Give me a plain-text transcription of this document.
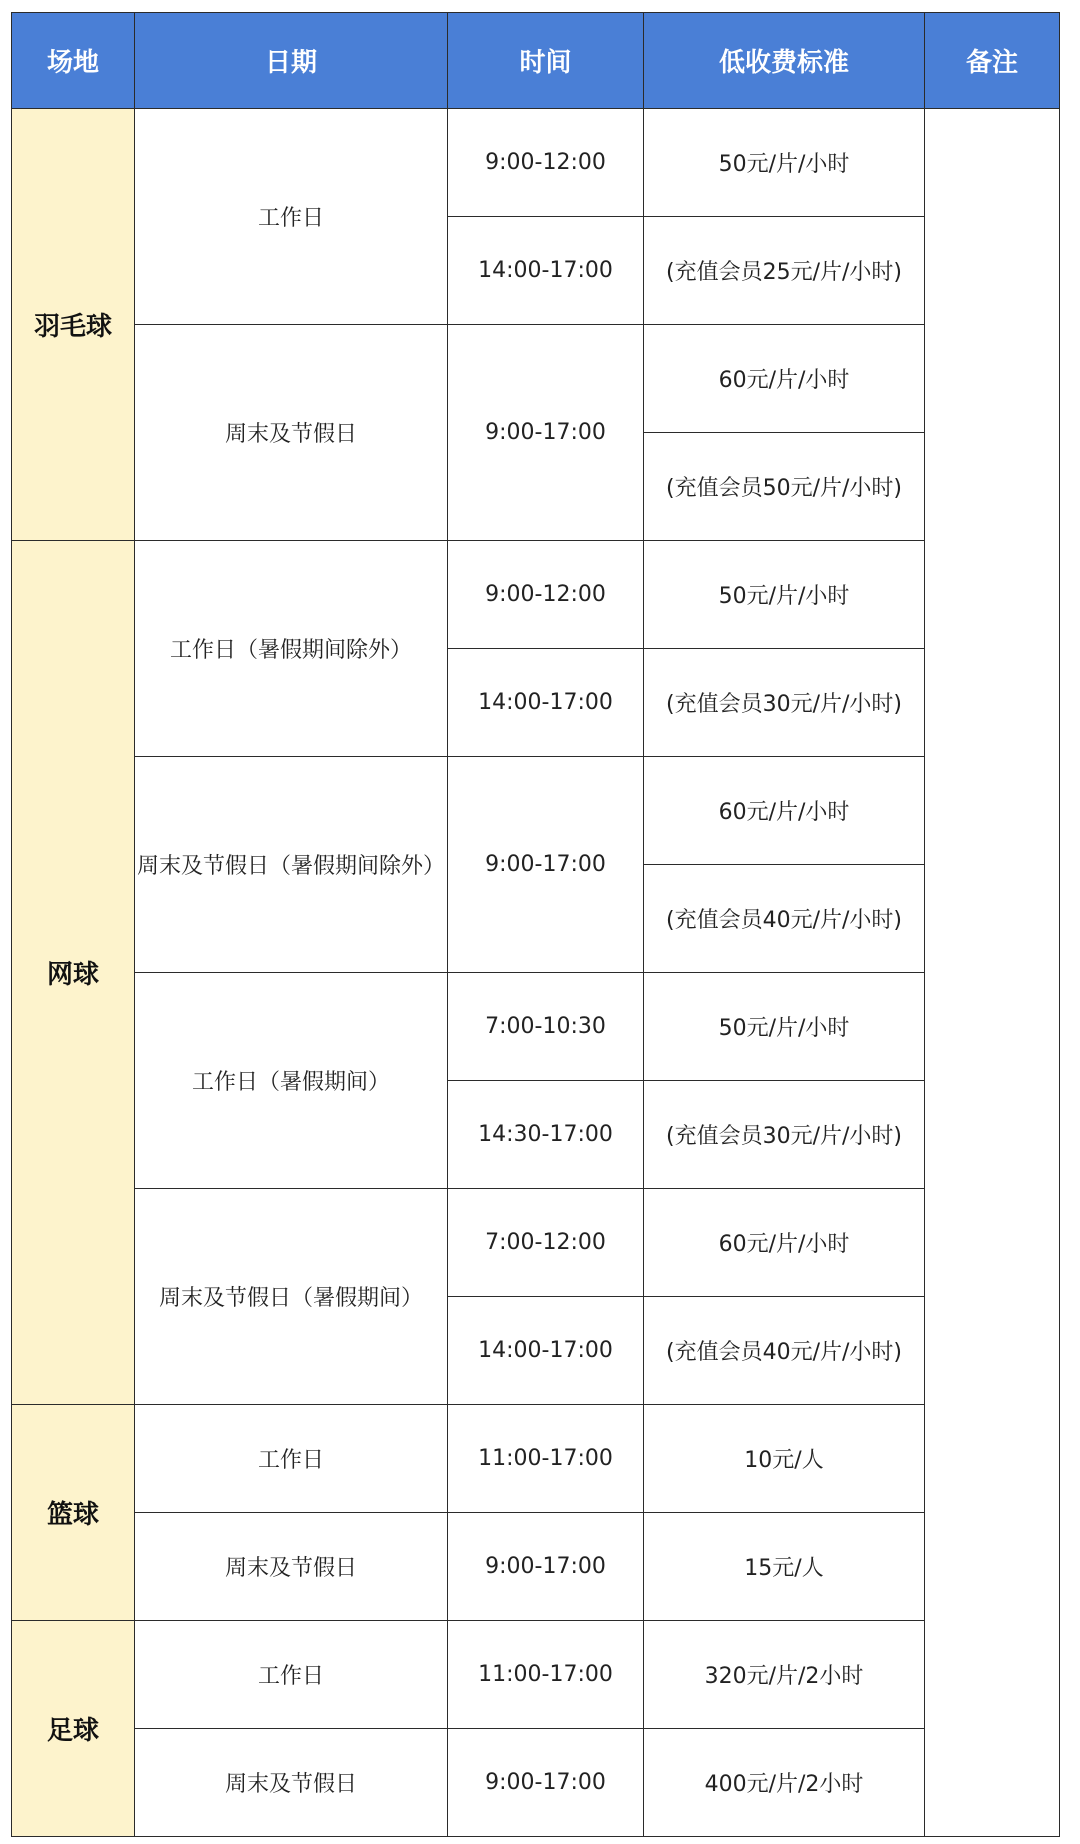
场地	日期	时间	低收费标准	备注
羽毛球	工作日	9:00-12:00	50元/片/小时	
		14:00-17:00	(充值会员25元/片/小时)	
	周末及节假日	9:00-17:00	60元/片/小时	
			(充值会员50元/片/小时)	
网球	工作日（暑假期间除外）	9:00-12:00	50元/片/小时	
		14:00-17:00	(充值会员30元/片/小时)	
	周末及节假日（暑假期间除外）	9:00-17:00	60元/片/小时	
			(充值会员40元/片/小时)	
	工作日（暑假期间）	7:00-10:30	50元/片/小时	
		14:30-17:00	(充值会员30元/片/小时)	
	周末及节假日（暑假期间）	7:00-12:00	60元/片/小时	
		14:00-17:00	(充值会员40元/片/小时)	
篮球	工作日	11:00-17:00	10元/人	
	周末及节假日	9:00-17:00	15元/人	
足球	工作日	11:00-17:00	320元/片/2小时	
	周末及节假日	9:00-17:00	400元/片/2小时	
